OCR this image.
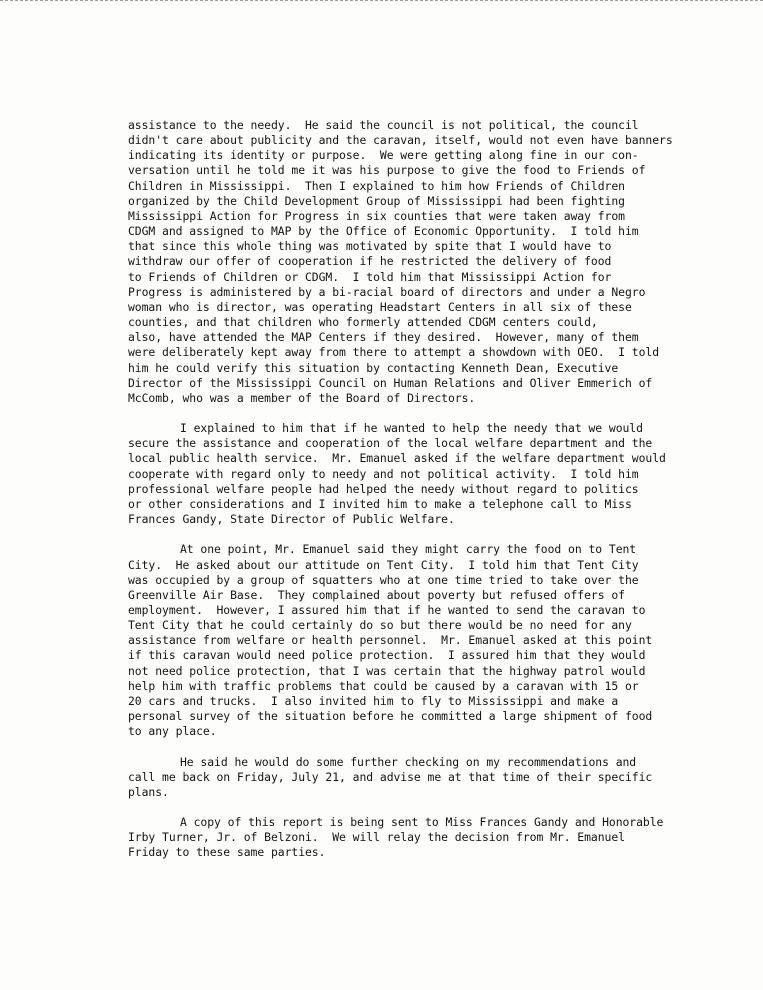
assistance to the needy.  He said the council is not political, the council
didn't care about publicity and the caravan, itself, would not even have banners
indicating its identity or purpose.  We were getting along fine in our con-
versation until he told me it was his purpose to give the food to Friends of
Children in Mississippi.  Then I explained to him how Friends of Children
organized by the Child Development Group of Mississippi had been fighting
Mississippi Action for Progress in six counties that were taken away from
CDGM and assigned to MAP by the Office of Economic Opportunity.  I told him
that since this whole thing was motivated by spite that I would have to
withdraw our offer of cooperation if he restricted the delivery of food
to Friends of Children or CDGM.  I told him that Mississippi Action for
Progress is administered by a bi-racial board of directors and under a Negro
woman who is director, was operating Headstart Centers in all six of these
counties, and that children who formerly attended CDGM centers could,
also, have attended the MAP Centers if they desired.  However, many of them
were deliberately kept away from there to attempt a showdown with OEO.  I told
him he could verify this situation by contacting Kenneth Dean, Executive
Director of the Mississippi Council on Human Relations and Oliver Emmerich of
McComb, who was a member of the Board of Directors.
I explained to him that if he wanted to help the needy that we would
secure the assistance and cooperation of the local welfare department and the
local public health service.  Mr. Emanuel asked if the welfare department would
cooperate with regard only to needy and not political activity.  I told him
professional welfare people had helped the needy without regard to politics
or other considerations and I invited him to make a telephone call to Miss
Frances Gandy, State Director of Public Welfare.
At one point, Mr. Emanuel said they might carry the food on to Tent
City.  He asked about our attitude on Tent City.  I told him that Tent City
was occupied by a group of squatters who at one time tried to take over the
Greenville Air Base.  They complained about poverty but refused offers of
employment.  However, I assured him that if he wanted to send the caravan to
Tent City that he could certainly do so but there would be no need for any
assistance from welfare or health personnel.  Mr. Emanuel asked at this point
if this caravan would need police protection.  I assured him that they would
not need police protection, that I was certain that the highway patrol would
help him with traffic problems that could be caused by a caravan with 15 or
20 cars and trucks.  I also invited him to fly to Mississippi and make a
personal survey of the situation before he committed a large shipment of food
to any place.
He said he would do some further checking on my recommendations and
call me back on Friday, July 21, and advise me at that time of their specific
plans.
A copy of this report is being sent to Miss Frances Gandy and Honorable
Irby Turner, Jr. of Belzoni.  We will relay the decision from Mr. Emanuel
Friday to these same parties.
